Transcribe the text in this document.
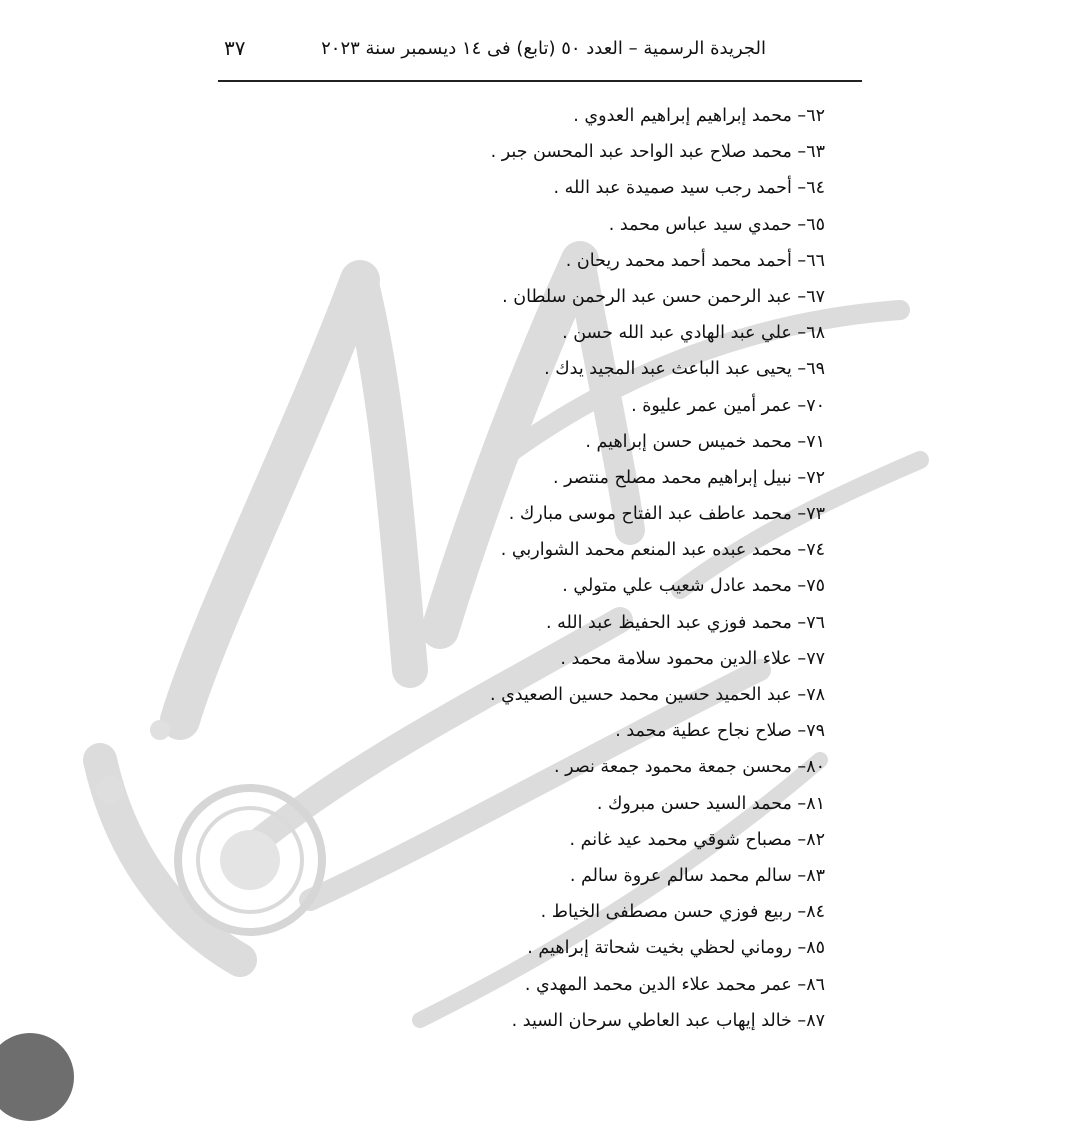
الجريدة الرسمية – العدد ٥٠ (تابع) فى ١٤ ديسمبر سنة ٢٠٢٣
٣٧
٦٢– محمد إبراهيم إبراهيم العدوي .
٦٣– محمد صلاح عبد الواحد عبد المحسن جبر .
٦٤– أحمد رجب سيد صميدة عبد الله .
٦٥– حمدي سيد عباس محمد .
٦٦– أحمد محمد أحمد محمد ريحان .
٦٧– عبد الرحمن حسن عبد الرحمن سلطان .
٦٨– علي عبد الهادي عبد الله حسن .
٦٩– يحيى عبد الباعث عبد المجيد يدك .
٧٠– عمر أمين عمر عليوة .
٧١– محمد خميس حسن إبراهيم .
٧٢– نبيل إبراهيم محمد مصلح منتصر .
٧٣– محمد عاطف عبد الفتاح موسى مبارك .
٧٤– محمد عبده عبد المنعم محمد الشواربي .
٧٥– محمد عادل شعيب علي متولي .
٧٦– محمد فوزي عبد الحفيظ عبد الله .
٧٧– علاء الدين محمود سلامة محمد .
٧٨– عبد الحميد حسين محمد حسين الصعيدي .
٧٩– صلاح نجاح عطية محمد .
٨٠– محسن جمعة محمود جمعة نصر .
٨١– محمد السيد حسن مبروك .
٨٢– مصباح شوقي محمد عيد غانم .
٨٣– سالم محمد سالم عروة سالم .
٨٤– ربيع فوزي حسن مصطفى الخياط .
٨٥– روماني لحظي بخيت شحاتة إبراهيم .
٨٦– عمر محمد علاء الدين محمد المهدي .
٨٧– خالد إيهاب عبد العاطي سرحان السيد .
